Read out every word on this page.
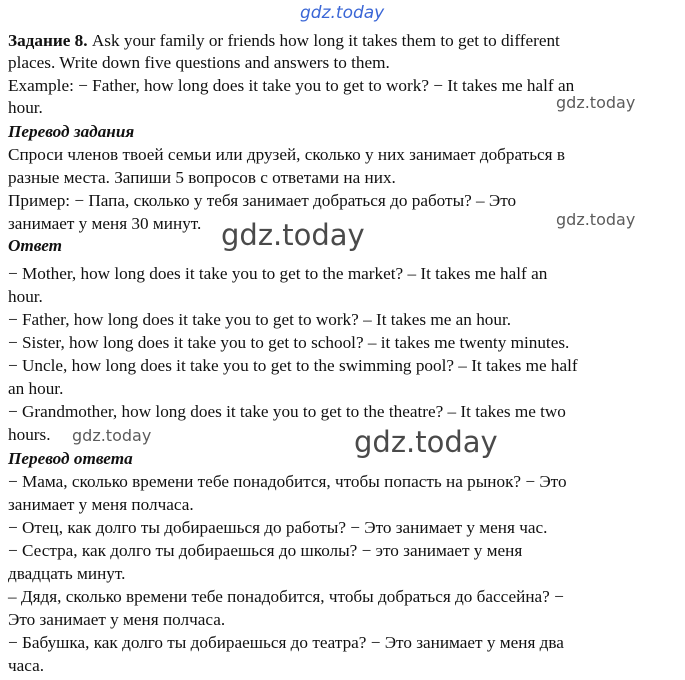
gdz.today
gdz.today
gdz.today
gdz.today
gdz.today	gdz.today
Задание 8. Ask your family or friends how long it takes them to get to different
places. Write down five questions and answers to them.
Example: − Father, how long does it take you to get to work? − It takes me half an
hour.
Перевод задания
Спроси членов твоей семьи или друзей, сколько у них занимает добраться в
разные места. Запиши 5 вопросов с ответами на них.
Пример: − Папа, сколько у тебя занимает добраться до работы? – Это
занимает у меня 30 минут.
Ответ
− Mother, how long does it take you to get to the market? – It takes me half an
hour.
− Father, how long does it take you to get to work? – It takes me an hour.
− Sister, how long does it take you to get to school? – it takes me twenty minutes.
− Uncle, how long does it take you to get to the swimming pool? – It takes me half
an hour.
− Grandmother, how long does it take you to get to the theatre? – It takes me two
hours.
Перевод ответа
− Мама, сколько времени тебе понадобится, чтобы попасть на рынок? − Это
занимает у меня полчаса.
− Отец, как долго ты добираешься до работы? − Это занимает у меня час.
− Сестра, как долго ты добираешься до школы? − это занимает у меня
двадцать минут.
– Дядя, сколько времени тебе понадобится, чтобы добраться до бассейна? −
Это занимает у меня полчаса.
− Бабушка, как долго ты добираешься до театра? − Это занимает у меня два
часа.
